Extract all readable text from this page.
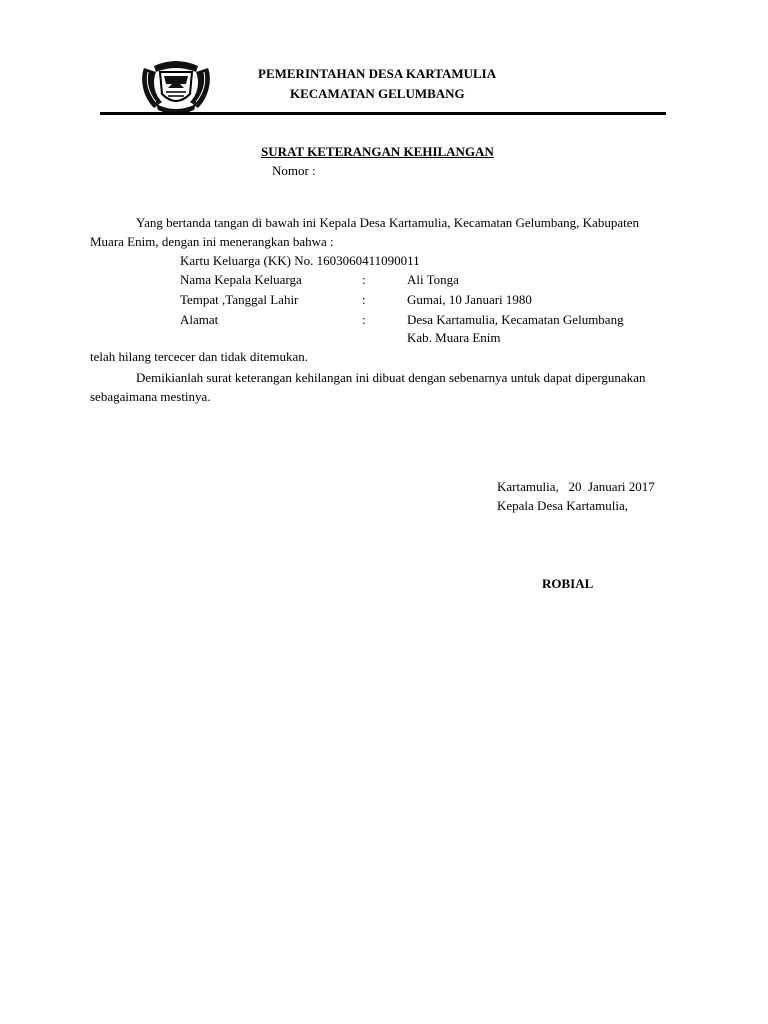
PEMERINTAHAN DESA KARTAMULIA
KECAMATAN GELUMBANG
SURAT KETERANGAN KEHILANGAN
Nomor :
Yang bertanda tangan di bawah ini Kepala Desa Kartamulia, Kecamatan Gelumbang, Kabupaten
Muara Enim, dengan ini menerangkan bahwa :
Kartu Keluarga (KK) No. 1603060411090011
Nama Kepala Keluarga	:	Ali Tonga
Tempat ,Tanggal Lahir	:	Gumai, 10 Januari 1980
Alamat	:	Desa Kartamulia, Kecamatan Gelumbang
Kab. Muara Enim
telah hilang tercecer dan tidak ditemukan.
Demikianlah surat keterangan kehilangan ini dibuat dengan sebenarnya untuk dapat dipergunakan
sebagaimana mestinya.
Kartamulia,   20  Januari 2017
Kepala Desa Kartamulia,
ROBIAL
